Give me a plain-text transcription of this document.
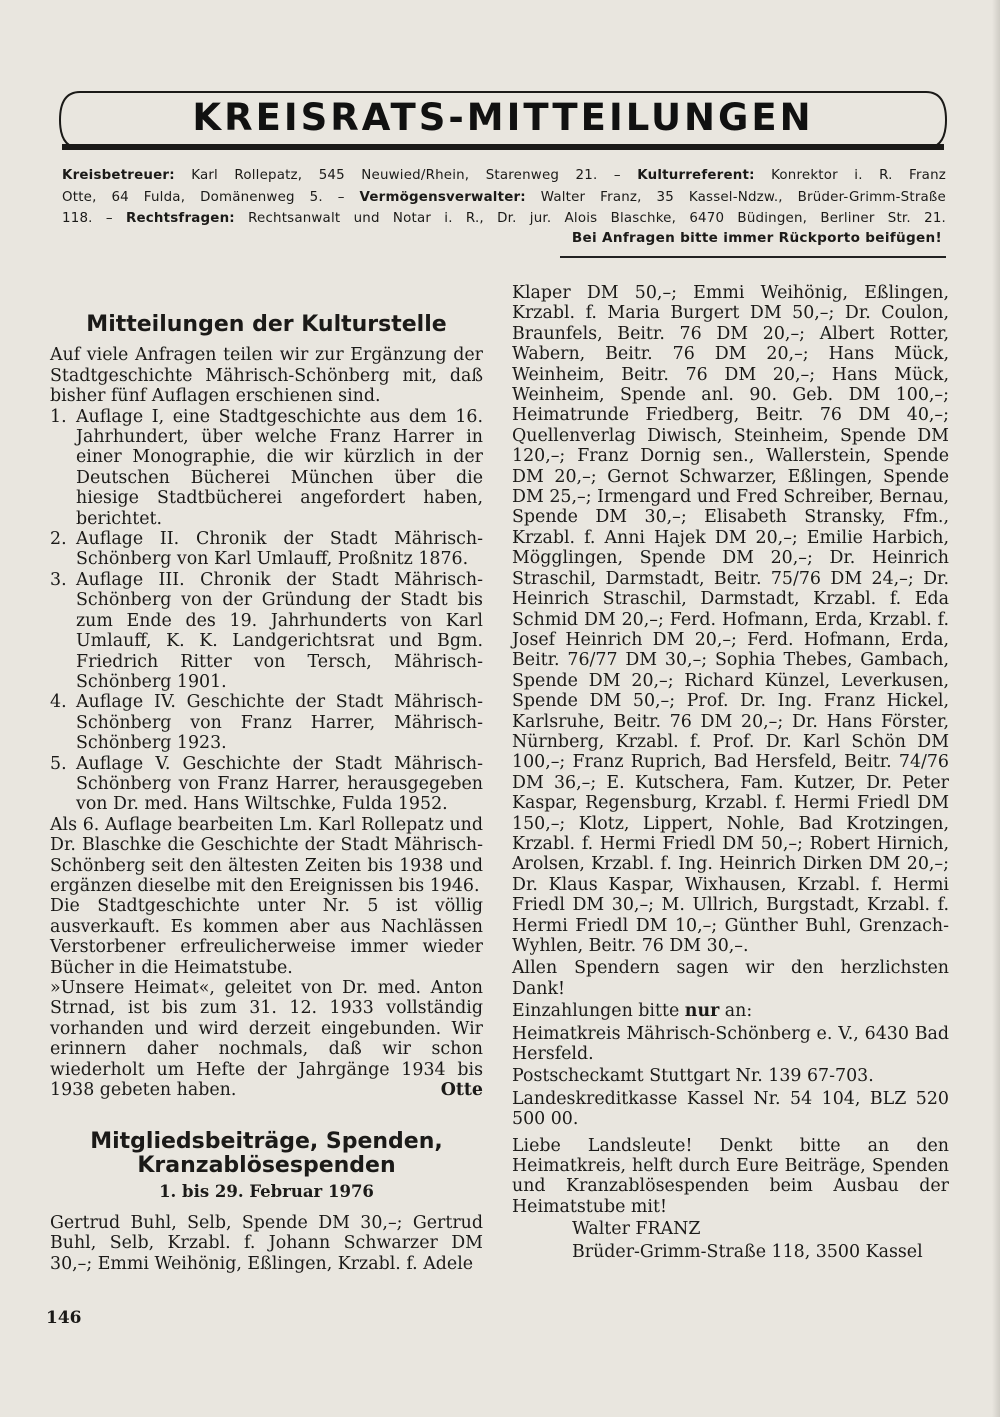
KREISRATS-MITTEILUNGEN
Kreisbetreuer: Karl Rollepatz, 545 Neuwied/Rhein, Starenweg 21. – Kulturreferent: Konrektor i. R. Franz
Otte, 64 Fulda, Domänenweg 5. – Vermögensverwalter: Walter Franz, 35 Kassel-Ndzw., Brüder-Grimm-Straße
118. – Rechtsfragen: Rechtsanwalt und Notar i. R., Dr. jur. Alois Blaschke, 6470 Büdingen, Berliner Str. 21.
Bei Anfragen bitte immer Rückporto beifügen!
Mitteilungen der Kulturstelle

Auf viele Anfragen teilen wir zur Ergänzung der Stadtgeschichte Mährisch-Schönberg mit, daß bisher fünf Auflagen erschienen sind.

1. Auflage I, eine Stadtgeschichte aus dem 16. Jahrhundert, über welche Franz Harrer in einer Monographie, die wir kürzlich in der Deutschen Bücherei München über die hiesige Stadtbücherei angefordert haben, berichtet.
2. Auflage II. Chronik der Stadt Mährisch-Schönberg von Karl Umlauff, Proßnitz 1876.
3. Auflage III. Chronik der Stadt Mährisch-Schönberg von der Gründung der Stadt bis zum Ende des 19. Jahrhunderts von Karl Umlauff, K. K. Landgerichtsrat und Bgm. Friedrich Ritter von Tersch, Mährisch-Schönberg 1901.
4. Auflage IV. Geschichte der Stadt Mährisch-Schönberg von Franz Harrer, Mährisch-Schönberg 1923.
5. Auflage V. Geschichte der Stadt Mährisch-Schönberg von Franz Harrer, herausgegeben von Dr. med. Hans Wiltschke, Fulda 1952.

Als 6. Auflage bearbeiten Lm. Karl Rollepatz und Dr. Blaschke die Geschichte der Stadt Mährisch-Schönberg seit den ältesten Zeiten bis 1938 und ergänzen dieselbe mit den Ereignissen bis 1946.

Die Stadtgeschichte unter Nr. 5 ist völlig ausverkauft. Es kommen aber aus Nachlässen Verstorbener erfreulicherweise immer wieder Bücher in die Heimatstube.

»Unsere Heimat«, geleitet von Dr. med. Anton Strnad, ist bis zum 31. 12. 1933 vollständig vorhanden und wird derzeit eingebunden. Wir erinnern daher nochmals, daß wir schon wiederholt um Hefte der Jahrgänge 1934 bis 1938 gebeten haben.	Otte

Mitgliedsbeiträge, Spenden,
Kranzablösespenden
1. bis 29. Februar 1976

Gertrud Buhl, Selb, Spende DM 30,–; Gertrud Buhl, Selb, Krzabl. f. Johann Schwarzer DM 30,–; Emmi Weihönig, Eßlingen, Krzabl. f. Adele

Klaper DM 50,–; Emmi Weihönig, Eßlingen, Krzabl. f. Maria Burgert DM 50,–; Dr. Coulon, Braunfels, Beitr. 76 DM 20,–; Albert Rotter, Wabern, Beitr. 76 DM 20,–; Hans Mück, Weinheim, Beitr. 76 DM 20,–; Hans Mück, Weinheim, Spende anl. 90. Geb. DM 100,–; Heimatrunde Friedberg, Beitr. 76 DM 40,–; Quellenverlag Diwisch, Steinheim, Spende DM 120,–; Franz Dornig sen., Wallerstein, Spende DM 20,–; Gernot Schwarzer, Eßlingen, Spende DM 25,–; Irmengard und Fred Schreiber, Bernau, Spende DM 30,–; Elisabeth Stransky, Ffm., Krzabl. f. Anni Hajek DM 20,–; Emilie Harbich, Mögglingen, Spende DM 20,–; Dr. Heinrich Straschil, Darmstadt, Beitr. 75/76 DM 24,–; Dr. Heinrich Straschil, Darmstadt, Krzabl. f. Eda Schmid DM 20,–; Ferd. Hofmann, Erda, Krzabl. f. Josef Heinrich DM 20,–; Ferd. Hofmann, Erda, Beitr. 76/77 DM 30,–; Sophia Thebes, Gambach, Spende DM 20,–; Richard Künzel, Leverkusen, Spende DM 50,–; Prof. Dr. Ing. Franz Hickel, Karlsruhe, Beitr. 76 DM 20,–; Dr. Hans Förster, Nürnberg, Krzabl. f. Prof. Dr. Karl Schön DM 100,–; Franz Ruprich, Bad Hersfeld, Beitr. 74/76 DM 36,–; E. Kutschera, Fam. Kutzer, Dr. Peter Kaspar, Regensburg, Krzabl. f. Hermi Friedl DM 150,–; Klotz, Lippert, Nohle, Bad Krotzingen, Krzabl. f. Hermi Friedl DM 50,–; Robert Hirnich, Arolsen, Krzabl. f. Ing. Heinrich Dirken DM 20,–; Dr. Klaus Kaspar, Wixhausen, Krzabl. f. Hermi Friedl DM 30,–; M. Ullrich, Burgstadt, Krzabl. f. Hermi Friedl DM 10,–; Günther Buhl, Grenzach-Wyhlen, Beitr. 76 DM 30,–.

Allen Spendern sagen wir den herzlichsten Dank!

Einzahlungen bitte nur an:

Heimatkreis Mährisch-Schönberg e. V., 6430 Bad Hersfeld.

Postscheckamt Stuttgart Nr. 139 67-703.

Landeskreditkasse Kassel Nr. 54 104, BLZ 520 500 00.

Liebe Landsleute! Denkt bitte an den Heimatkreis, helft durch Eure Beiträge, Spenden und Kranzablösespenden beim Ausbau der Heimatstube mit!

Walter FRANZ
Brüder-Grimm-Straße 118, 3500 Kassel
146
